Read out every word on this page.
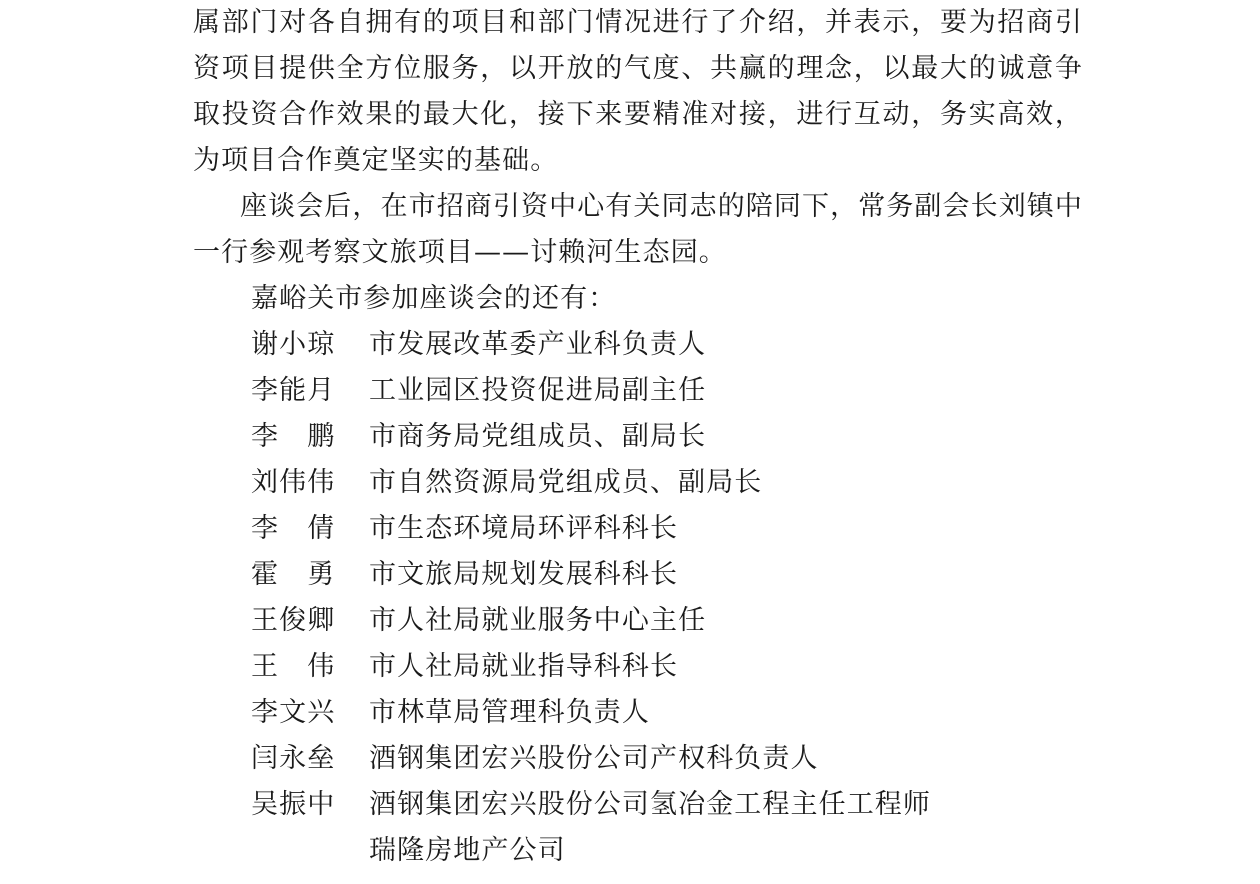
属部门对各自拥有的项目和部门情况进行了介绍，并表示，要为招商引资项目提供全方位服务，以开放的气度、共赢的理念，以最大的诚意争取投资合作效果的最大化，接下来要精准对接，进行互动，务实高效，为项目合作奠定坚实的基础。

座谈会后，在市招商引资中心有关同志的陪同下，常务副会长刘镇中一行参观考察文旅项目——讨赖河生态园。

嘉峪关市参加座谈会的还有：

谢小琼	市发展改革委产业科负责人
李能月	工业园区投资促进局副主任
李　鹏	市商务局党组成员、副局长
刘伟伟	市自然资源局党组成员、副局长
李　倩	市生态环境局环评科科长
霍　勇	市文旅局规划发展科科长
王俊卿	市人社局就业服务中心主任
王　伟	市人社局就业指导科科长
李文兴	市林草局管理科负责人
闫永垒	酒钢集团宏兴股份公司产权科负责人
吴振中	酒钢集团宏兴股份公司氢冶金工程主任工程师
瑞隆房地产公司
